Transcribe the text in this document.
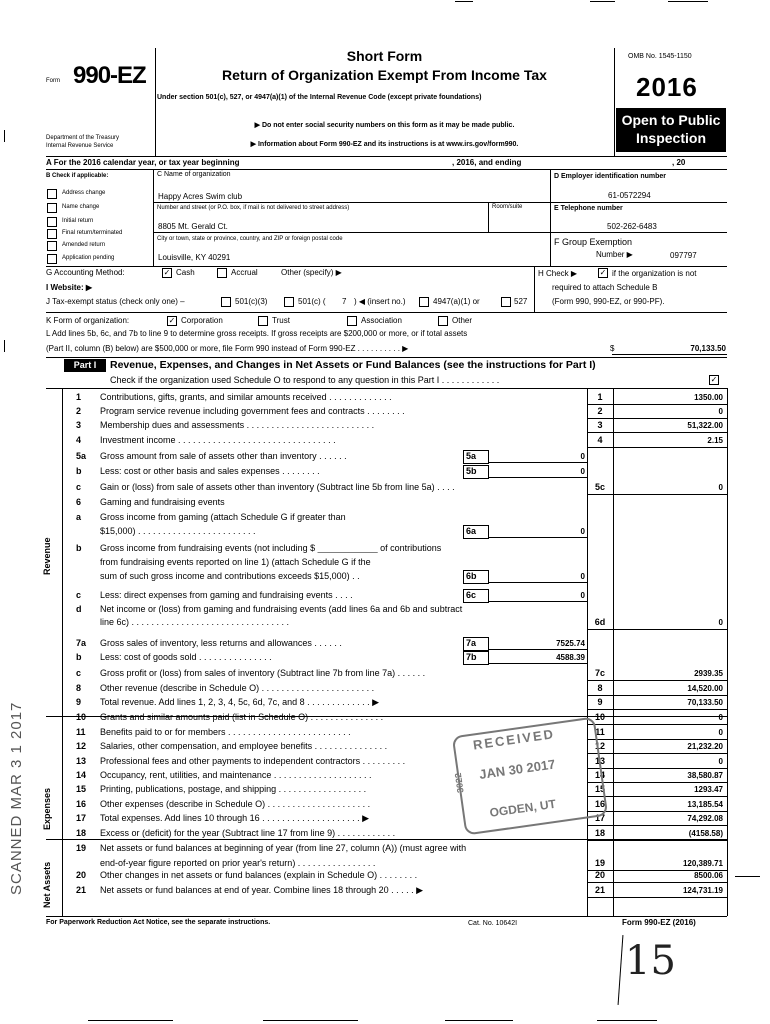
Form 990-EZ
Department of the Treasury
Internal Revenue Service
Short Form
Return of Organization Exempt From Income Tax
Under section 501(c), 527, or 4947(a)(1) of the Internal Revenue Code (except private foundations)
▶ Do not enter social security numbers on this form as it may be made public.
▶ Information about Form 990-EZ and its instructions is at www.irs.gov/form990.
OMB No. 1545-1150
2016
Open to Public Inspection
A For the 2016 calendar year, or tax year beginning	, 2016, and ending	, 20
B Check if applicable:
Address change
Name change
Initial return
Final return/terminated
Amended return
Application pending
C Name of organization
Happy Acres Swim club
Number and street (or P.O. box, if mail is not delivered to street address)	Room/suite
8805 Mt. Gerald Ct.
City or town, state or province, country, and ZIP or foreign postal code
Louisville, KY 40291
D Employer identification number
61-0572294
E Telephone number
502-262-6483
F Group Exemption
Number ▶	097797
G Accounting Method:	✓ Cash	Accrual	Other (specify) ▶	H Check ▶	✓ if the organization is not
required to attach Schedule B
(Form 990, 990-EZ, or 990-PF).
I Website: ▶
J Tax-exempt status (check only one) –	501(c)(3)	501(c) ( 7 ) ◀ (insert no.)	4947(a)(1) or	527
K Form of organization:	✓ Corporation	Trust	Association	Other
L Add lines 5b, 6c, and 7b to line 9 to determine gross receipts. If gross receipts are $200,000 or more, or if total assets
(Part II, column (B) below) are $500,000 or more, file Form 990 instead of Form 990-EZ . . . . . . . . . . ▶	$	70,133.50
Part I	Revenue, Expenses, and Changes in Net Assets or Fund Balances (see the instructions for Part I)
Check if the organization used Schedule O to respond to any question in this Part I . . . . . . . . . . . .	✓
Revenue
Expenses
Net Assets
1 Contributions, gifts, grants, and similar amounts received . . . . . . . . . . . . .	1	1350.00
2 Program service revenue including government fees and contracts . . . . . . . .	2	0
3 Membership dues and assessments . . . . . . . . . . . . . . . . . . . . . . . . . .	3	51,322.00
4 Investment income . . . . . . . . . . . . . . . . . . . . . . . . . . . . . . . .	4	2.15
5a Gross amount from sale of assets other than inventory . . . . . .	5a	0
b Less: cost or other basis and sales expenses . . . . . . . .	5b	0
c Gain or (loss) from sale of assets other than inventory (Subtract line 5b from line 5a) . . . .	5c	0
6 Gaming and fundraising events
a Gross income from gaming (attach Schedule G if greater than
$15,000) . . . . . . . . . . . . . . . . . . . . . . . .	6a	0
b Gross income from fundraising events (not including $ ____________ of contributions
from fundraising events reported on line 1) (attach Schedule G if the
sum of such gross income and contributions exceeds $15,000) . .	6b	0
c Less: direct expenses from gaming and fundraising events . . . .	6c	0
d Net income or (loss) from gaming and fundraising events (add lines 6a and 6b and subtract
line 6c) . . . . . . . . . . . . . . . . . . . . . . . . . . . . . . . .	6d	0
7a Gross sales of inventory, less returns and allowances . . . . . .	7a	7525.74
b Less: cost of goods sold . . . . . . . . . . . . . . .	7b	4588.39
c Gross profit or (loss) from sales of inventory (Subtract line 7b from line 7a) . . . . . .	7c	2939.35
8 Other revenue (describe in Schedule O) . . . . . . . . . . . . . . . . . . . . . . .	8	14,520.00
9 Total revenue. Add lines 1, 2, 3, 4, 5c, 6d, 7c, and 8 . . . . . . . . . . . . . ▶	9	70,133.50
10 Grants and similar amounts paid (list in Schedule O) . . . . . . . . . . . . . . .	10	0
11 Benefits paid to or for members . . . . . . . . . . . . . . . . . . . . . . . . .	11	0
12 Salaries, other compensation, and employee benefits . . . . . . . . . . . . . . .	12	21,232.20
13 Professional fees and other payments to independent contractors . . . . . . . . .	13	0
14 Occupancy, rent, utilities, and maintenance . . . . . . . . . . . . . . . . . . . .	14	38,580.87
15 Printing, publications, postage, and shipping . . . . . . . . . . . . . . . . . .	15	1293.47
16 Other expenses (describe in Schedule O) . . . . . . . . . . . . . . . . . . . . .	16	13,185.54
17 Total expenses. Add lines 10 through 16 . . . . . . . . . . . . . . . . . . . . ▶	17	74,292.08
18 Excess or (deficit) for the year (Subtract line 17 from line 9) . . . . . . . . . . . .	18	(4158.58)
19 Net assets or fund balances at beginning of year (from line 27, column (A)) (must agree with
end-of-year figure reported on prior year's return) . . . . . . . . . . . . . . . .	19	120,389.71
20 Other changes in net assets or fund balances (explain in Schedule O) . . . . . . . .	20	8500.06
21 Net assets or fund balances at end of year. Combine lines 18 through 20 . . . . . ▶	21	124,731.19
For Paperwork Reduction Act Notice, see the separate instructions.	Cat. No. 10642I	Form 990-EZ (2016)
RECEIVED
JAN 30 2017
OGDEN, UT
3022
SCANNED MAR 3 1 2017
15
